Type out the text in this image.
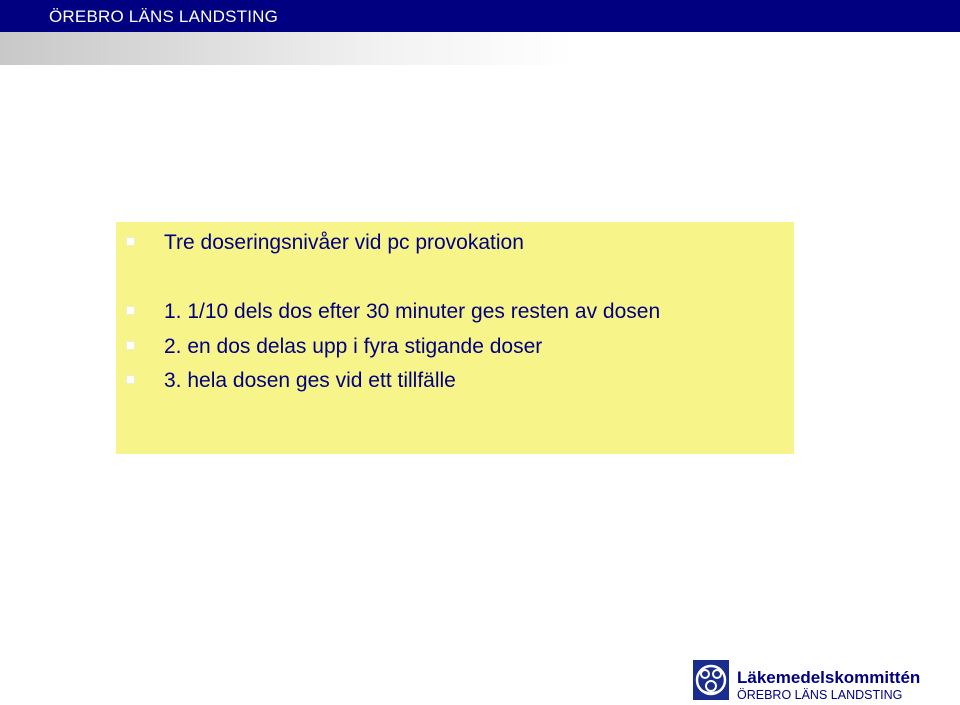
ÖREBRO LÄNS LANDSTING
Tre doseringsnivåer vid pc provokation
1. 1/10 dels dos efter 30 minuter ges resten av dosen
2. en dos delas upp i fyra stigande doser
3. hela dosen ges vid ett tillfälle
Läkemedelskommittén
ÖREBRO LÄNS LANDSTING
